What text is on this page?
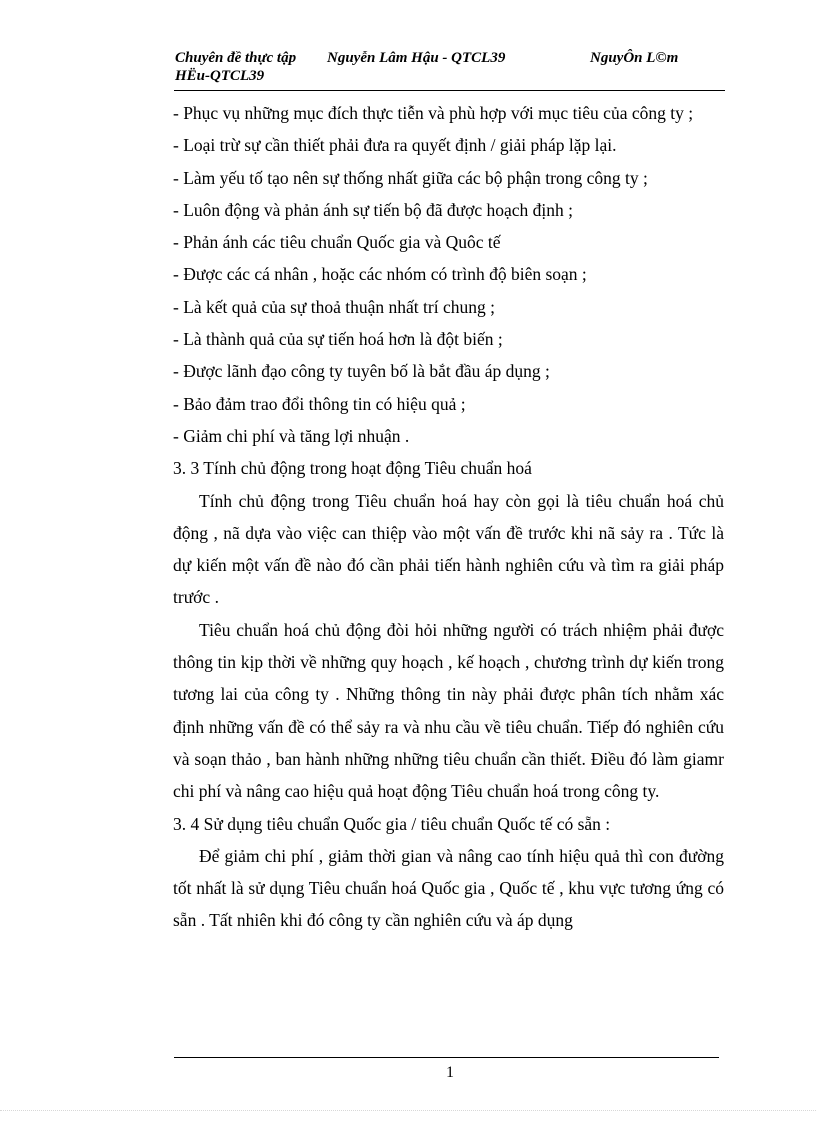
Chuyên đề thực tập Nguyễn Lâm Hậu - QTCL39	NguyÔn L©m
HËu-QTCL39

- Phục vụ những mục đích thực tiễn và phù hợp với mục tiêu của công ty ;

- Loại trừ sự cần thiết phải đưa ra quyết định / giải pháp lặp lại.

- Làm yếu tố tạo nên sự thống nhất giữa các bộ phận trong công ty ;

- Luôn động và phản ánh sự tiến bộ đã được hoạch định ;

- Phản ánh các tiêu chuẩn Quốc gia và Quôc tế

- Được các cá nhân , hoặc các nhóm có trình độ biên soạn ;

- Là kết quả của sự thoả thuận nhất trí chung ;

- Là thành quả của sự tiến hoá hơn là đột biến ;

- Được lãnh đạo công ty tuyên bố là bắt đầu áp dụng ;

- Bảo đảm trao đổi thông tin có hiệu quả ;

- Giảm chi phí và tăng lợi nhuận .

3. 3 Tính chủ động trong hoạt động Tiêu chuẩn hoá

Tính chủ động trong Tiêu chuẩn hoá hay còn gọi là tiêu chuẩn hoá chủ động , nã dựa vào việc can thiệp vào một vấn đề trước khi nã sảy ra . Tức là dự kiến một vấn đề nào đó cần phải tiến hành nghiên cứu và tìm ra giải pháp trước .

Tiêu chuẩn hoá chủ động đòi hỏi những người có trách nhiệm phải được thông tin kịp thời về những quy hoạch , kế hoạch , chương trình dự kiến trong tương lai của công ty . Những thông tin này phải được phân tích nhằm xác định những vấn đề có thể sảy ra và nhu cầu về tiêu chuẩn. Tiếp đó nghiên cứu và soạn thảo , ban hành những những tiêu chuẩn cần thiết. Điều đó làm giamr chi phí và nâng cao hiệu quả hoạt động Tiêu chuẩn hoá trong công ty.

3. 4 Sử dụng tiêu chuẩn Quốc gia / tiêu chuẩn Quốc tế có sẵn :

Để giảm chi phí , giảm thời gian và nâng cao tính hiệu quả thì con đường tốt nhất là sử dụng Tiêu chuẩn hoá Quốc gia , Quốc tế , khu vực tương ứng có sẵn . Tất nhiên khi đó công ty cần nghiên cứu và áp dụng

1
